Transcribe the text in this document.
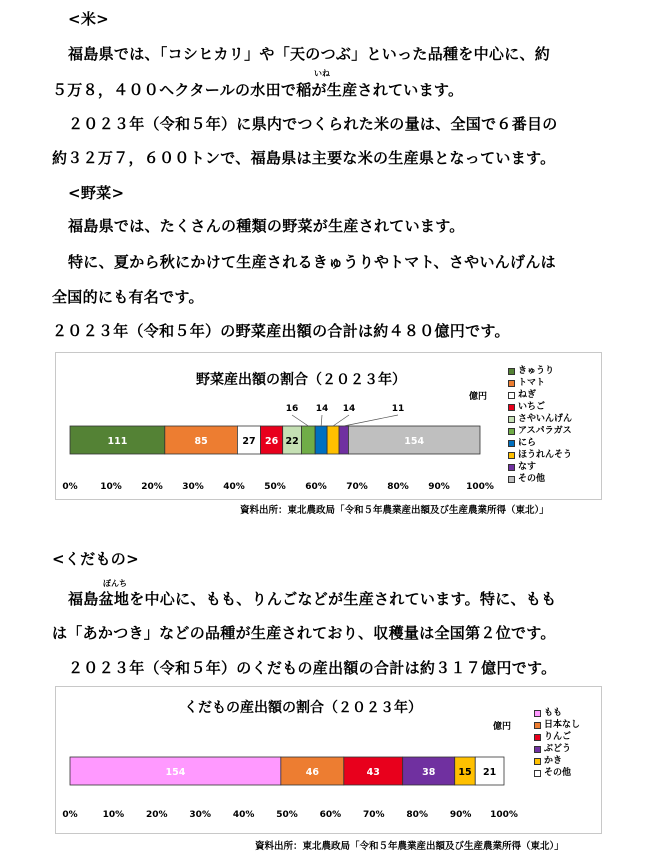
<米>
福島県では、「コシヒカリ」や「天のつぶ」といった品種を中心に、約
いね
５万８，４００ヘクタールの水田で稲が生産されています。
２０２３年（令和５年）に県内でつくられた米の量は、全国で６番目の
約３２万７，６００トンで、福島県は主要な米の生産県となっています。
<野菜>
福島県では、たくさんの種類の野菜が生産されています。
特に、夏から秋にかけて生産されるきゅうりやトマト、さやいんげんは
全国的にも有名です。
２０２３年（令和５年）の野菜産出額の合計は約４８０億円です。
野菜産出額の割合（２０２３年）
億円
0%	10% 20% 30% 40% 50% 60% 70% 80% 90% 100%
111	85	27 26 22
16 14 14	11
154
きゅうり
トマト
ねぎ
いちご
さやいんげん
アスパラガス
にら
ほうれんそう
なす
その他
資料出所：東北農政局「令和５年農業産出額及び生産農業所得（東北）」
<くだもの>
ぼんち
福島盆地を中心に、もも、りんごなどが生産されています。特に、もも
は「あかつき」などの品種が生産されており、収穫量は全国第２位です。
２０２３年（令和５年）のくだもの産出額の合計は約３１７億円です。
くだもの産出額の割合（２０２３年）
億円
0%	10% 20% 30% 40% 50% 60% 70% 80% 90% 100%
154	46	43	38 15 21
もも
日本なし
りんご
ぶどう
かき
その他
資料出所：東北農政局「令和５年農業産出額及び生産農業所得（東北）」
